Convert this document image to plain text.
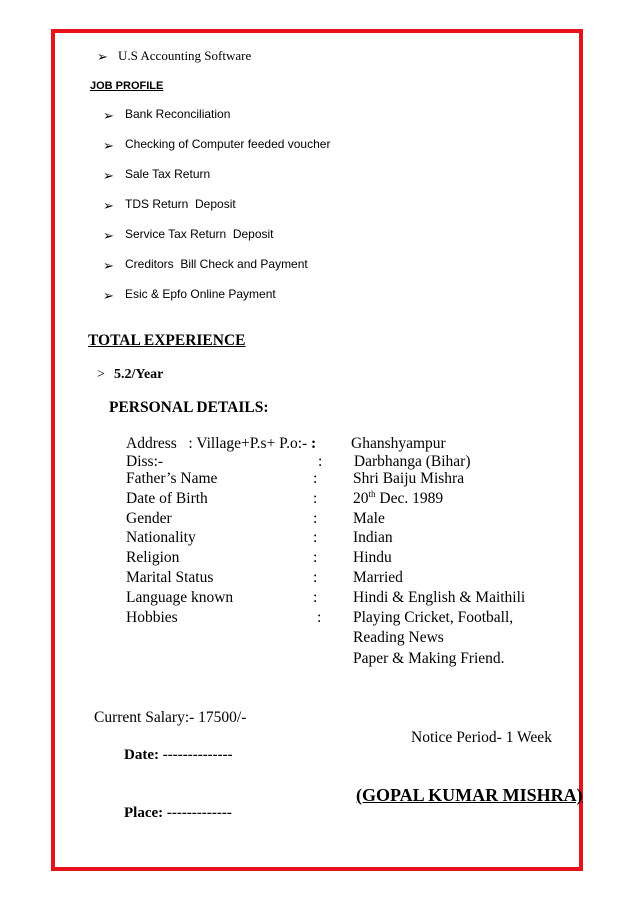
➢ U.S Accounting Software
JOB PROFILE
➢ Bank Reconciliation
➢ Checking of Computer feeded voucher
➢ Sale Tax Return
➢ TDS Return  Deposit
➢ Service Tax Return  Deposit
➢ Creditors  Bill Check and Payment
➢ Esic & Epfo Online Payment
TOTAL EXPERIENCE
> 5.2/Year
PERSONAL DETAILS:
Address   : Village+P.s+ P.o:- : Ghanshyampur
Diss:-	: Darbhanga (Bihar)
Father’s Name	: Shri Baiju Mishra
Date of Birth	: 20th Dec. 1989
Gender	: Male
Nationality	: Indian
Religion	: Hindu
Marital Status	: Married
Language known	: Hindi & English & Maithili
Hobbies	: Playing Cricket, Football,
Reading News
Paper & Making Friend.
Current Salary:- 17500/-
Notice Period- 1 Week
Date: --------------
(GOPAL KUMAR MISHRA)
Place: -------------
